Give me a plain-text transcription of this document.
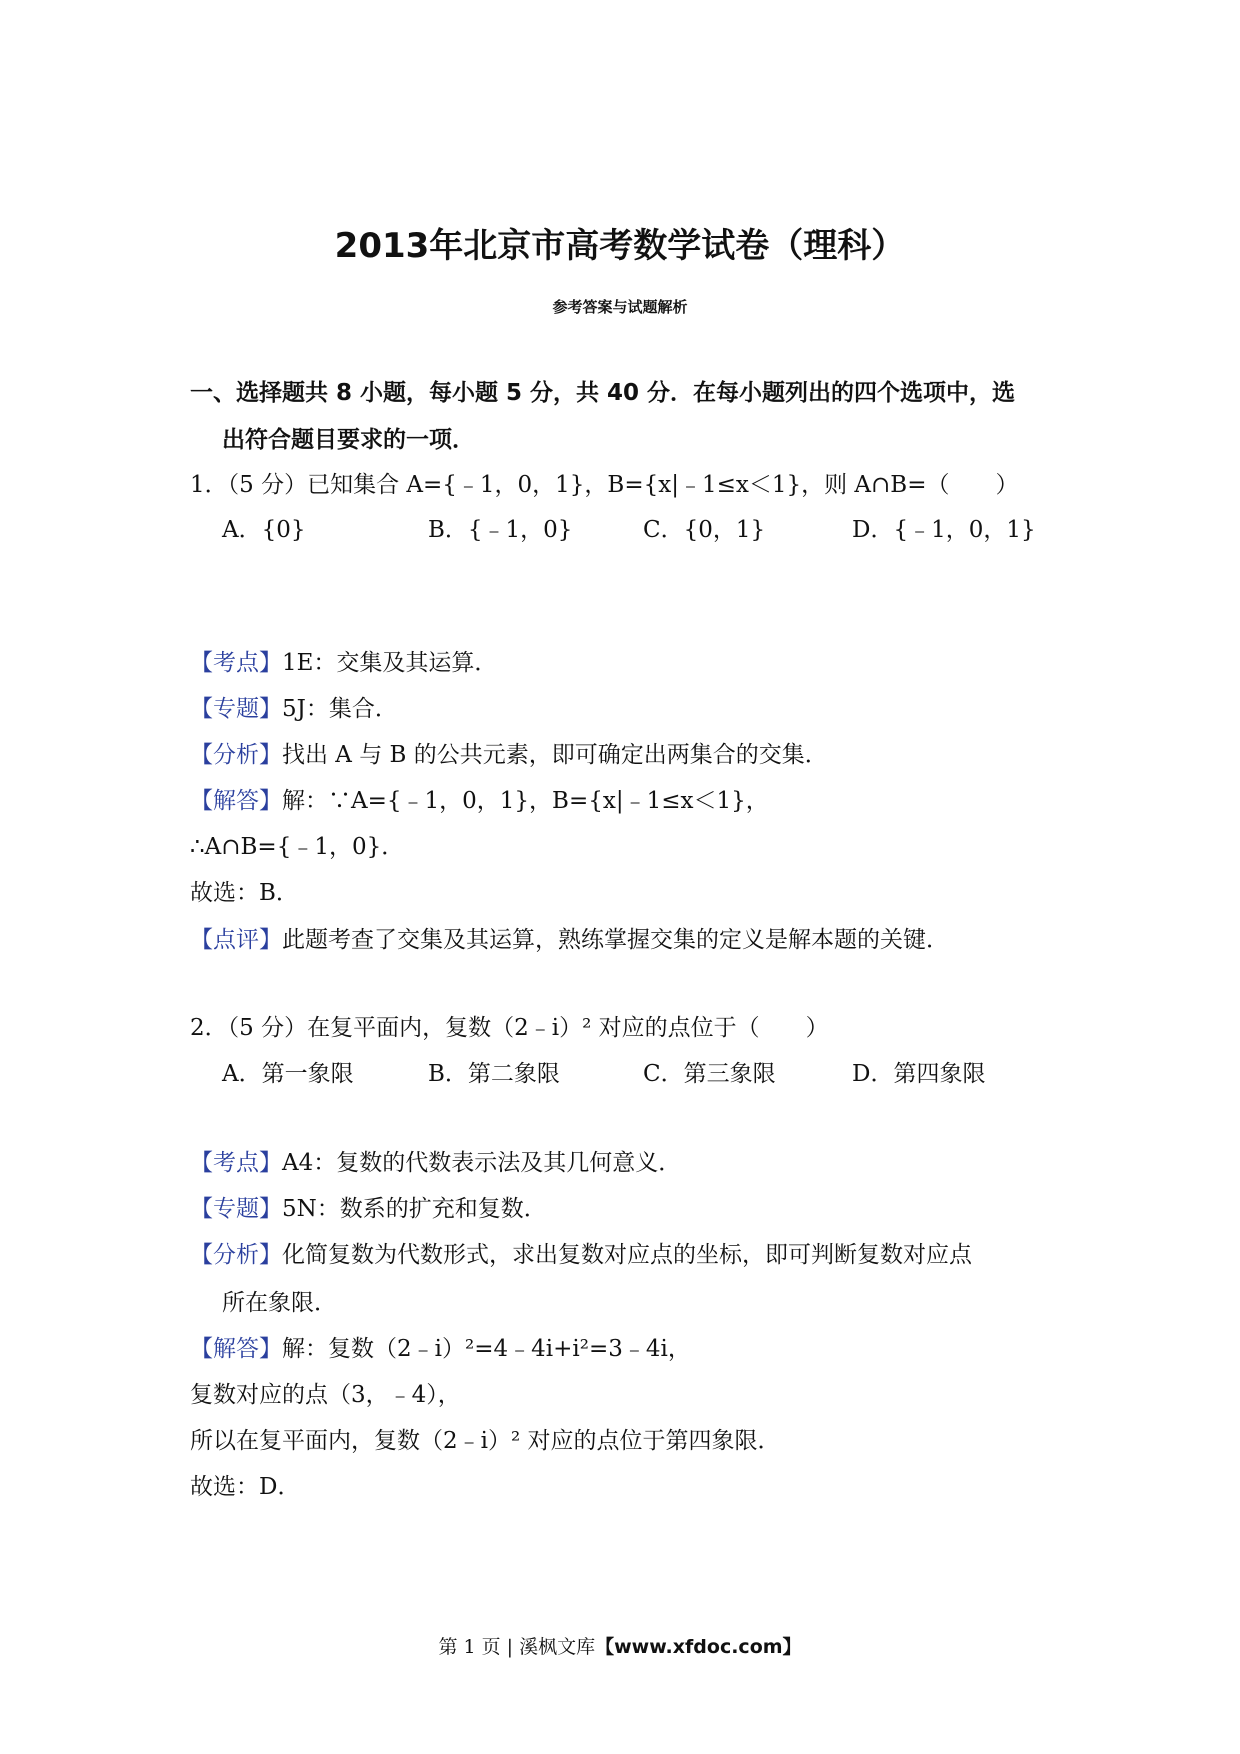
2013年北京市高考数学试卷（理科）
参考答案与试题解析
一、选择题共 8 小题，每小题 5 分，共 40 分．在每小题列出的四个选项中，选
出符合题目要求的一项．
1．（5 分）已知集合 A={﹣1，0，1}，B={x|﹣1≤x＜1}，则 A∩B=（　　）
A．{0}	B．{﹣1，0}	C．{0，1}	D．{﹣1，0，1}
【考点】1E：交集及其运算．
【专题】5J：集合．
【分析】找出 A 与 B 的公共元素，即可确定出两集合的交集．
【解答】解：∵A={﹣1，0，1}，B={x|﹣1≤x＜1}，
∴A∩B={﹣1，0}．
故选：B．
【点评】此题考查了交集及其运算，熟练掌握交集的定义是解本题的关键．
2．（5 分）在复平面内，复数（2﹣i）² 对应的点位于（　　）
A．第一象限	B．第二象限	C．第三象限	D．第四象限
【考点】A4：复数的代数表示法及其几何意义．
【专题】5N：数系的扩充和复数．
【分析】化简复数为代数形式，求出复数对应点的坐标，即可判断复数对应点
所在象限．
【解答】解：复数（2﹣i）²=4﹣4i+i²=3﹣4i，
复数对应的点（3，﹣4），
所以在复平面内，复数（2﹣i）² 对应的点位于第四象限．
故选：D．
第 1 页 | 溪枫文库【www.xfdoc.com】
